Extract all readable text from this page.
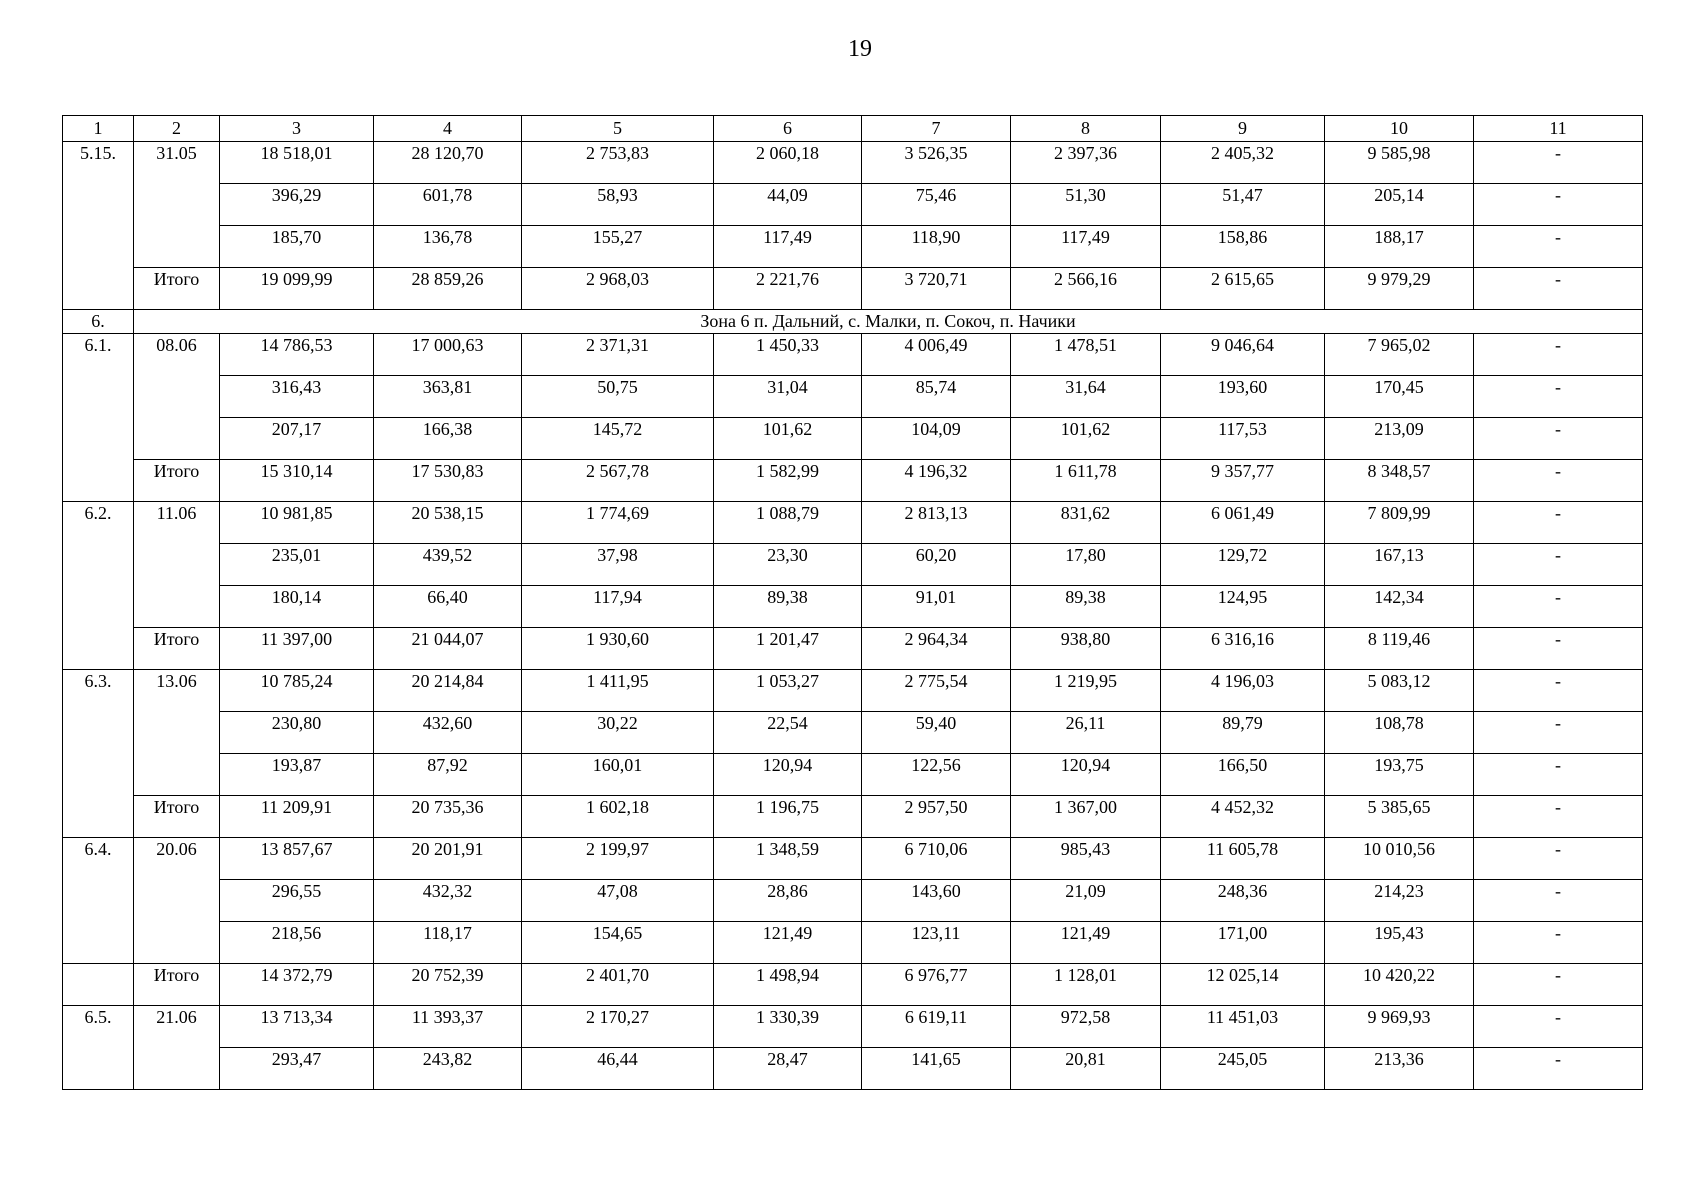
19
1	2	3	4	5	6	7	8	9	10	11
5.15.	31.05	18 518,01	28 120,70	2 753,83	2 060,18	3 526,35	2 397,36	2 405,32	9 585,98	-
		396,29	601,78	58,93	44,09	75,46	51,30	51,47	205,14	-
		185,70	136,78	155,27	117,49	118,90	117,49	158,86	188,17	-
	Итого	19 099,99	28 859,26	2 968,03	2 221,76	3 720,71	2 566,16	2 615,65	9 979,29	-
6.	Зона 6 п. Дальний, с. Малки, п. Сокоч, п. Начики									
6.1.	08.06	14 786,53	17 000,63	2 371,31	1 450,33	4 006,49	1 478,51	9 046,64	7 965,02	-
		316,43	363,81	50,75	31,04	85,74	31,64	193,60	170,45	-
		207,17	166,38	145,72	101,62	104,09	101,62	117,53	213,09	-
	Итого	15 310,14	17 530,83	2 567,78	1 582,99	4 196,32	1 611,78	9 357,77	8 348,57	-
6.2.	11.06	10 981,85	20 538,15	1 774,69	1 088,79	2 813,13	831,62	6 061,49	7 809,99	-
		235,01	439,52	37,98	23,30	60,20	17,80	129,72	167,13	-
		180,14	66,40	117,94	89,38	91,01	89,38	124,95	142,34	-
	Итого	11 397,00	21 044,07	1 930,60	1 201,47	2 964,34	938,80	6 316,16	8 119,46	-
6.3.	13.06	10 785,24	20 214,84	1 411,95	1 053,27	2 775,54	1 219,95	4 196,03	5 083,12	-
		230,80	432,60	30,22	22,54	59,40	26,11	89,79	108,78	-
		193,87	87,92	160,01	120,94	122,56	120,94	166,50	193,75	-
	Итого	11 209,91	20 735,36	1 602,18	1 196,75	2 957,50	1 367,00	4 452,32	5 385,65	-
6.4.	20.06	13 857,67	20 201,91	2 199,97	1 348,59	6 710,06	985,43	11 605,78	10 010,56	-
		296,55	432,32	47,08	28,86	143,60	21,09	248,36	214,23	-
		218,56	118,17	154,65	121,49	123,11	121,49	171,00	195,43	-
	Итого	14 372,79	20 752,39	2 401,70	1 498,94	6 976,77	1 128,01	12 025,14	10 420,22	-
6.5.	21.06	13 713,34	11 393,37	2 170,27	1 330,39	6 619,11	972,58	11 451,03	9 969,93	-
		293,47	243,82	46,44	28,47	141,65	20,81	245,05	213,36	-
